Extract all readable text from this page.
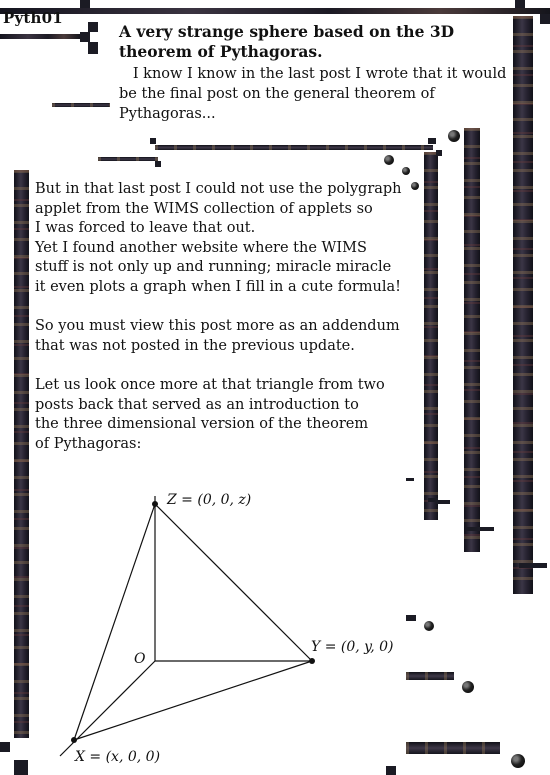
Pyth01
A very strange sphere based on the 3D theorem of Pythagoras.
I know I know in the last post I wrote that it would be the final post on the general theorem of Pythagoras...

But in that last post I could not use the polygraph
applet from the WIMS collection of applets so
I was forced to leave that out.
Yet I found another website where the WIMS
stuff is not only up and running; miracle miracle
it even plots a graph when I fill in a cute formula!

So you must view this post more as an addendum
that was not posted in the previous update.

Let us look once more at that triangle from two
posts back that served as an introduction to
the three dimensional version of the theorem
of Pythagoras:

Z = (0, 0, z)
O
Y = (0, y, 0)
X = (x, 0, 0)
